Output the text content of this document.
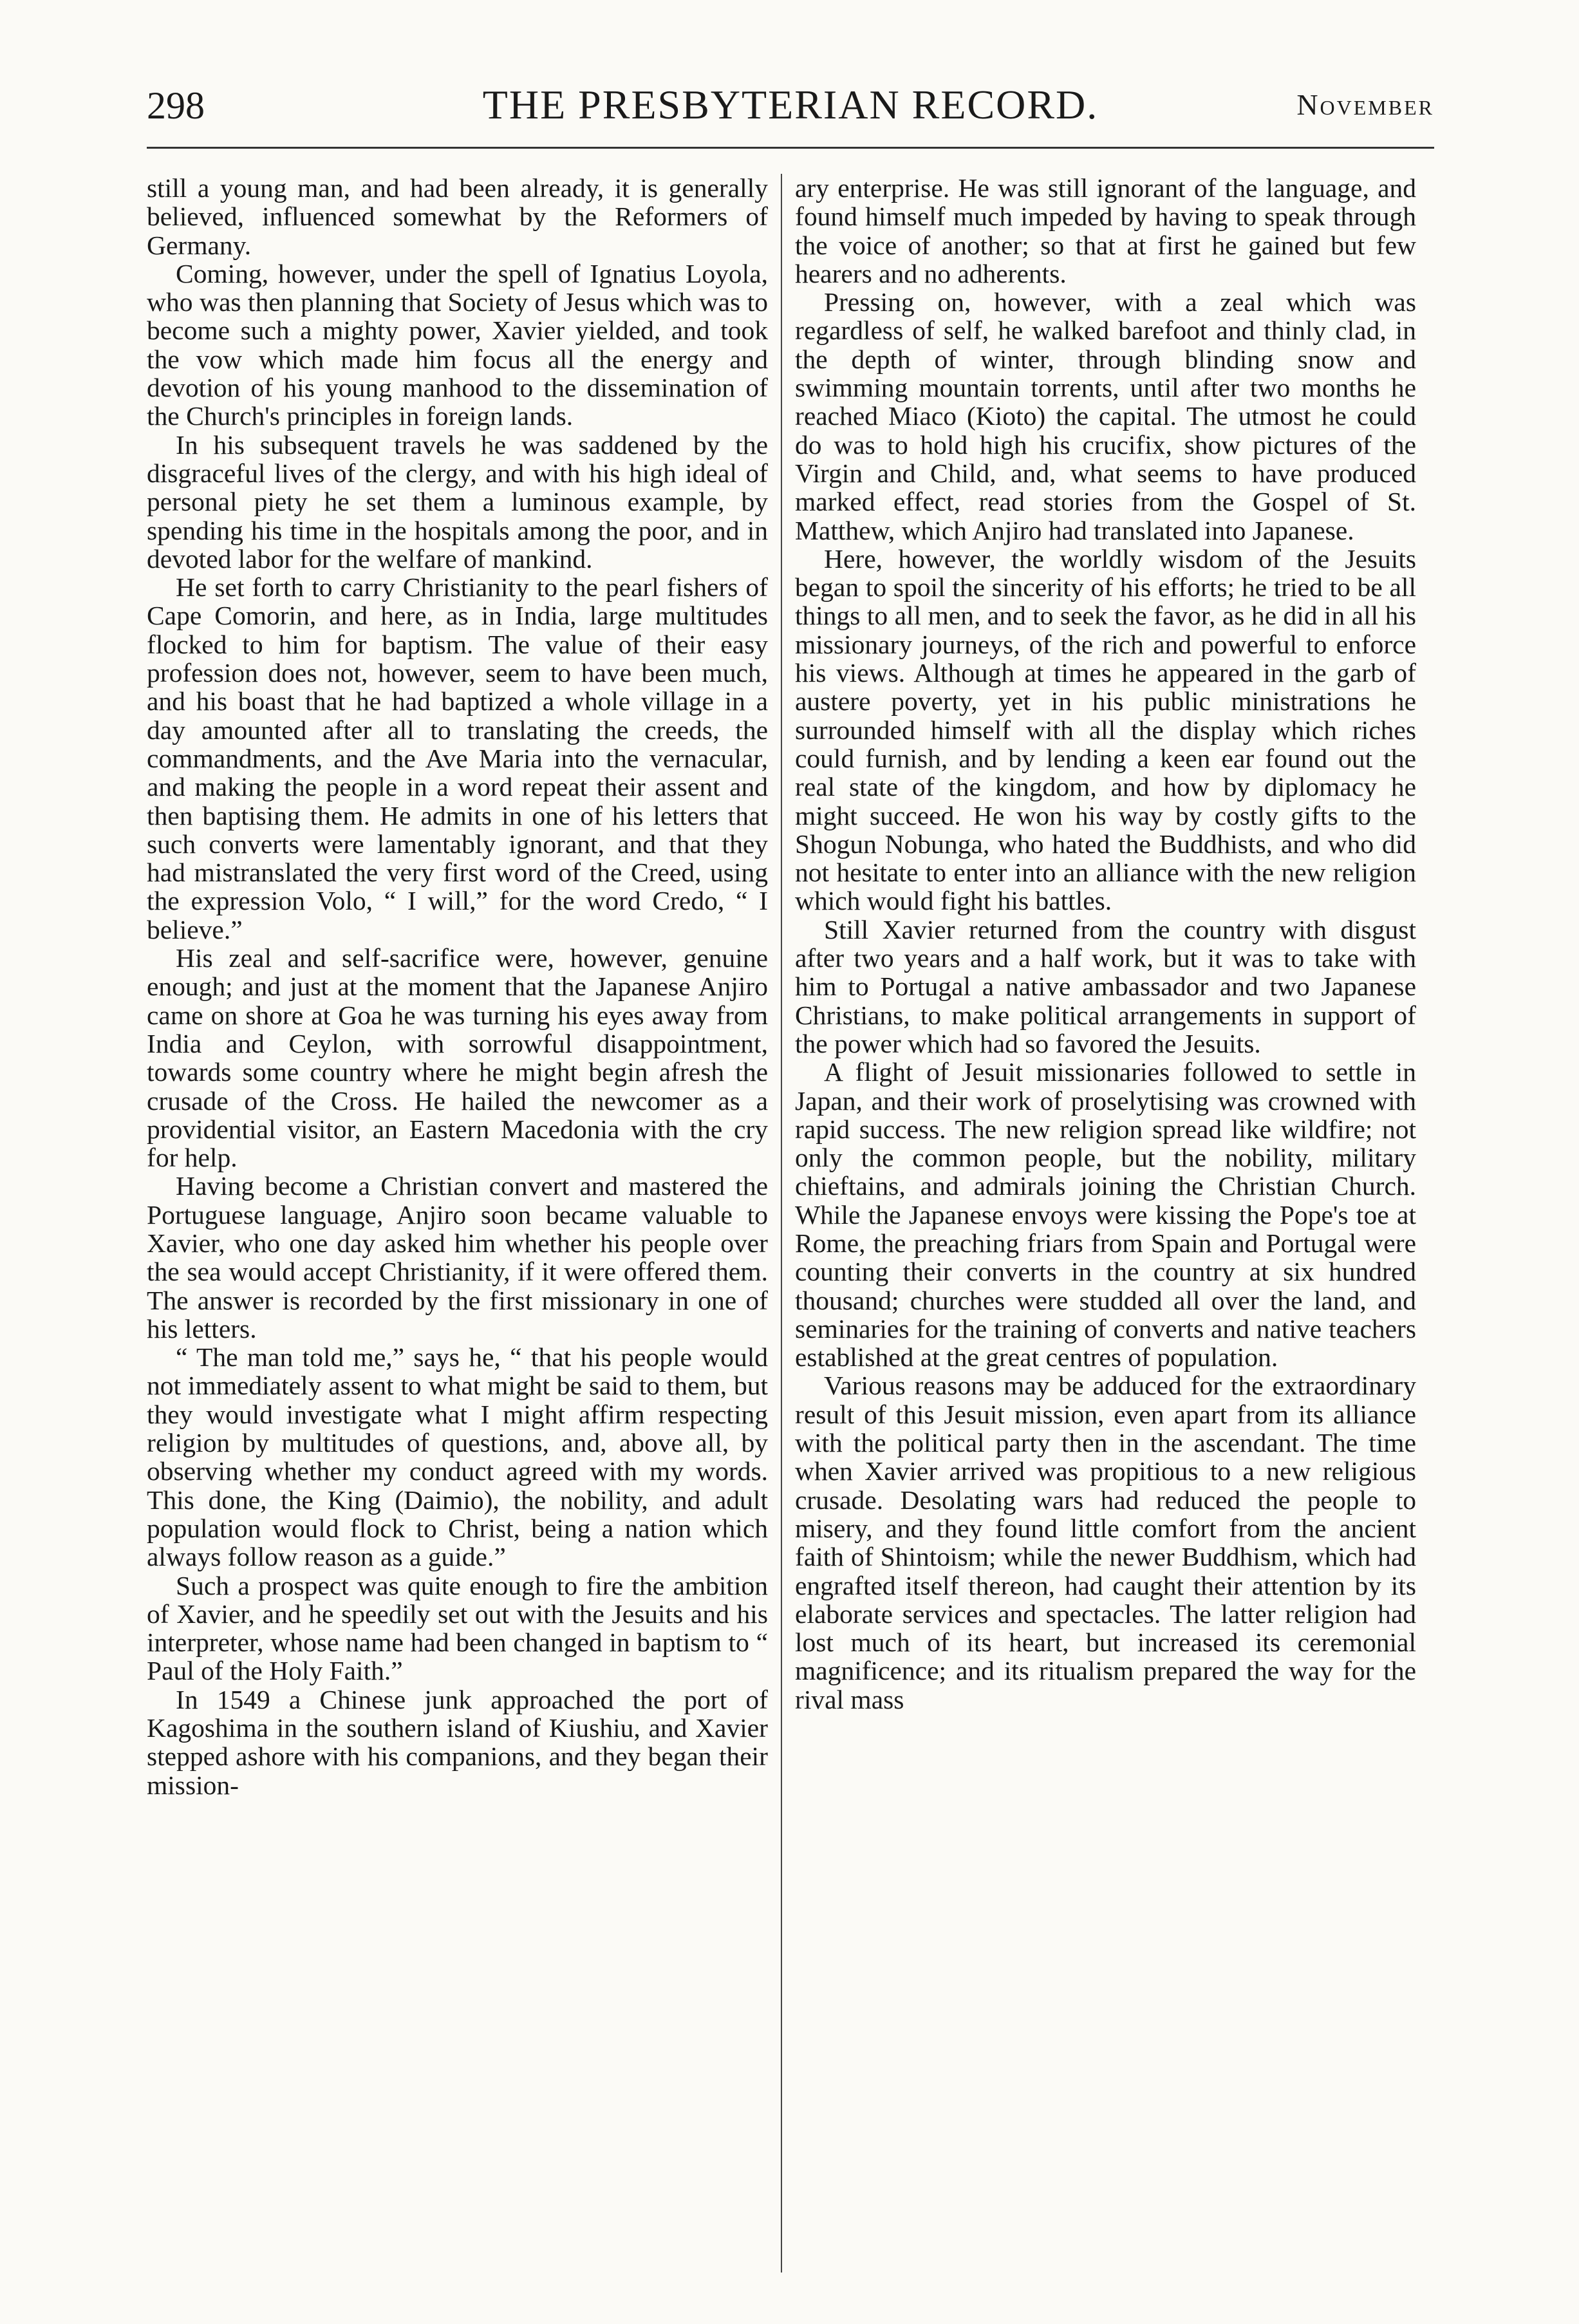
298	THE PRESBYTERIAN RECORD.	November

still a young man, and had been already, it is generally believed, influenced somewhat by the Reformers of Germany.

Coming, however, under the spell of Ignatius Loyola, who was then planning that Society of Jesus which was to become such a mighty power, Xavier yielded, and took the vow which made him focus all the energy and devotion of his young manhood to the dissemination of the Church's principles in foreign lands.

In his subsequent travels he was saddened by the disgraceful lives of the clergy, and with his high ideal of personal piety he set them a luminous example, by spending his time in the hospitals among the poor, and in devoted labor for the welfare of mankind.

He set forth to carry Christianity to the pearl fishers of Cape Comorin, and here, as in India, large multitudes flocked to him for baptism. The value of their easy profession does not, however, seem to have been much, and his boast that he had baptized a whole village in a day amounted after all to translating the creeds, the commandments, and the Ave Maria into the vernacular, and making the people in a word repeat their assent and then baptising them. He admits in one of his letters that such converts were lamentably ignorant, and that they had mistranslated the very first word of the Creed, using the expression Volo, “ I will,” for the word Credo, “ I believe.”

His zeal and self-sacrifice were, however, genuine enough; and just at the moment that the Japanese Anjiro came on shore at Goa he was turning his eyes away from India and Ceylon, with sorrowful disappointment, towards some country where he might begin afresh the crusade of the Cross. He hailed the newcomer as a providential visitor, an Eastern Macedonia with the cry for help.

Having become a Christian convert and mastered the Portuguese language, Anjiro soon became valuable to Xavier, who one day asked him whether his people over the sea would accept Christianity, if it were offered them. The answer is recorded by the first missionary in one of his letters.

“ The man told me,” says he, “ that his people would not immediately assent to what might be said to them, but they would investigate what I might affirm respecting religion by multitudes of questions, and, above all, by observing whether my conduct agreed with my words. This done, the King (Daimio), the nobility, and adult population would flock to Christ, being a nation which always follow reason as a guide.”

Such a prospect was quite enough to fire the ambition of Xavier, and he speedily set out with the Jesuits and his interpreter, whose name had been changed in baptism to “ Paul of the Holy Faith.”

In 1549 a Chinese junk approached the port of Kagoshima in the southern island of Kiushiu, and Xavier stepped ashore with his companions, and they began their mission-

ary enterprise. He was still ignorant of the language, and found himself much impeded by having to speak through the voice of another; so that at first he gained but few hearers and no adherents.

Pressing on, however, with a zeal which was regardless of self, he walked barefoot and thinly clad, in the depth of winter, through blinding snow and swimming mountain torrents, until after two months he reached Miaco (Kioto) the capital. The utmost he could do was to hold high his crucifix, show pictures of the Virgin and Child, and, what seems to have produced marked effect, read stories from the Gospel of St. Matthew, which Anjiro had translated into Japanese.

Here, however, the worldly wisdom of the Jesuits began to spoil the sincerity of his efforts; he tried to be all things to all men, and to seek the favor, as he did in all his missionary journeys, of the rich and powerful to enforce his views. Although at times he appeared in the garb of austere poverty, yet in his public ministrations he surrounded himself with all the display which riches could furnish, and by lending a keen ear found out the real state of the kingdom, and how by diplomacy he might succeed. He won his way by costly gifts to the Shogun Nobunga, who hated the Buddhists, and who did not hesitate to enter into an alliance with the new religion which would fight his battles.

Still Xavier returned from the country with disgust after two years and a half work, but it was to take with him to Portugal a native ambassador and two Japanese Christians, to make political arrangements in support of the power which had so favored the Jesuits.

A flight of Jesuit missionaries followed to settle in Japan, and their work of proselytising was crowned with rapid success. The new religion spread like wildfire; not only the common people, but the nobility, military chieftains, and admirals joining the Christian Church. While the Japanese envoys were kissing the Pope's toe at Rome, the preaching friars from Spain and Portugal were counting their converts in the country at six hundred thousand; churches were studded all over the land, and seminaries for the training of converts and native teachers established at the great centres of population.

Various reasons may be adduced for the extraordinary result of this Jesuit mission, even apart from its alliance with the political party then in the ascendant. The time when Xavier arrived was propitious to a new religious crusade. Desolating wars had reduced the people to misery, and they found little comfort from the ancient faith of Shintoism; while the newer Buddhism, which had engrafted itself thereon, had caught their attention by its elaborate services and spectacles. The latter religion had lost much of its heart, but increased its ceremonial magnificence; and its ritualism prepared the way for the rival mass
